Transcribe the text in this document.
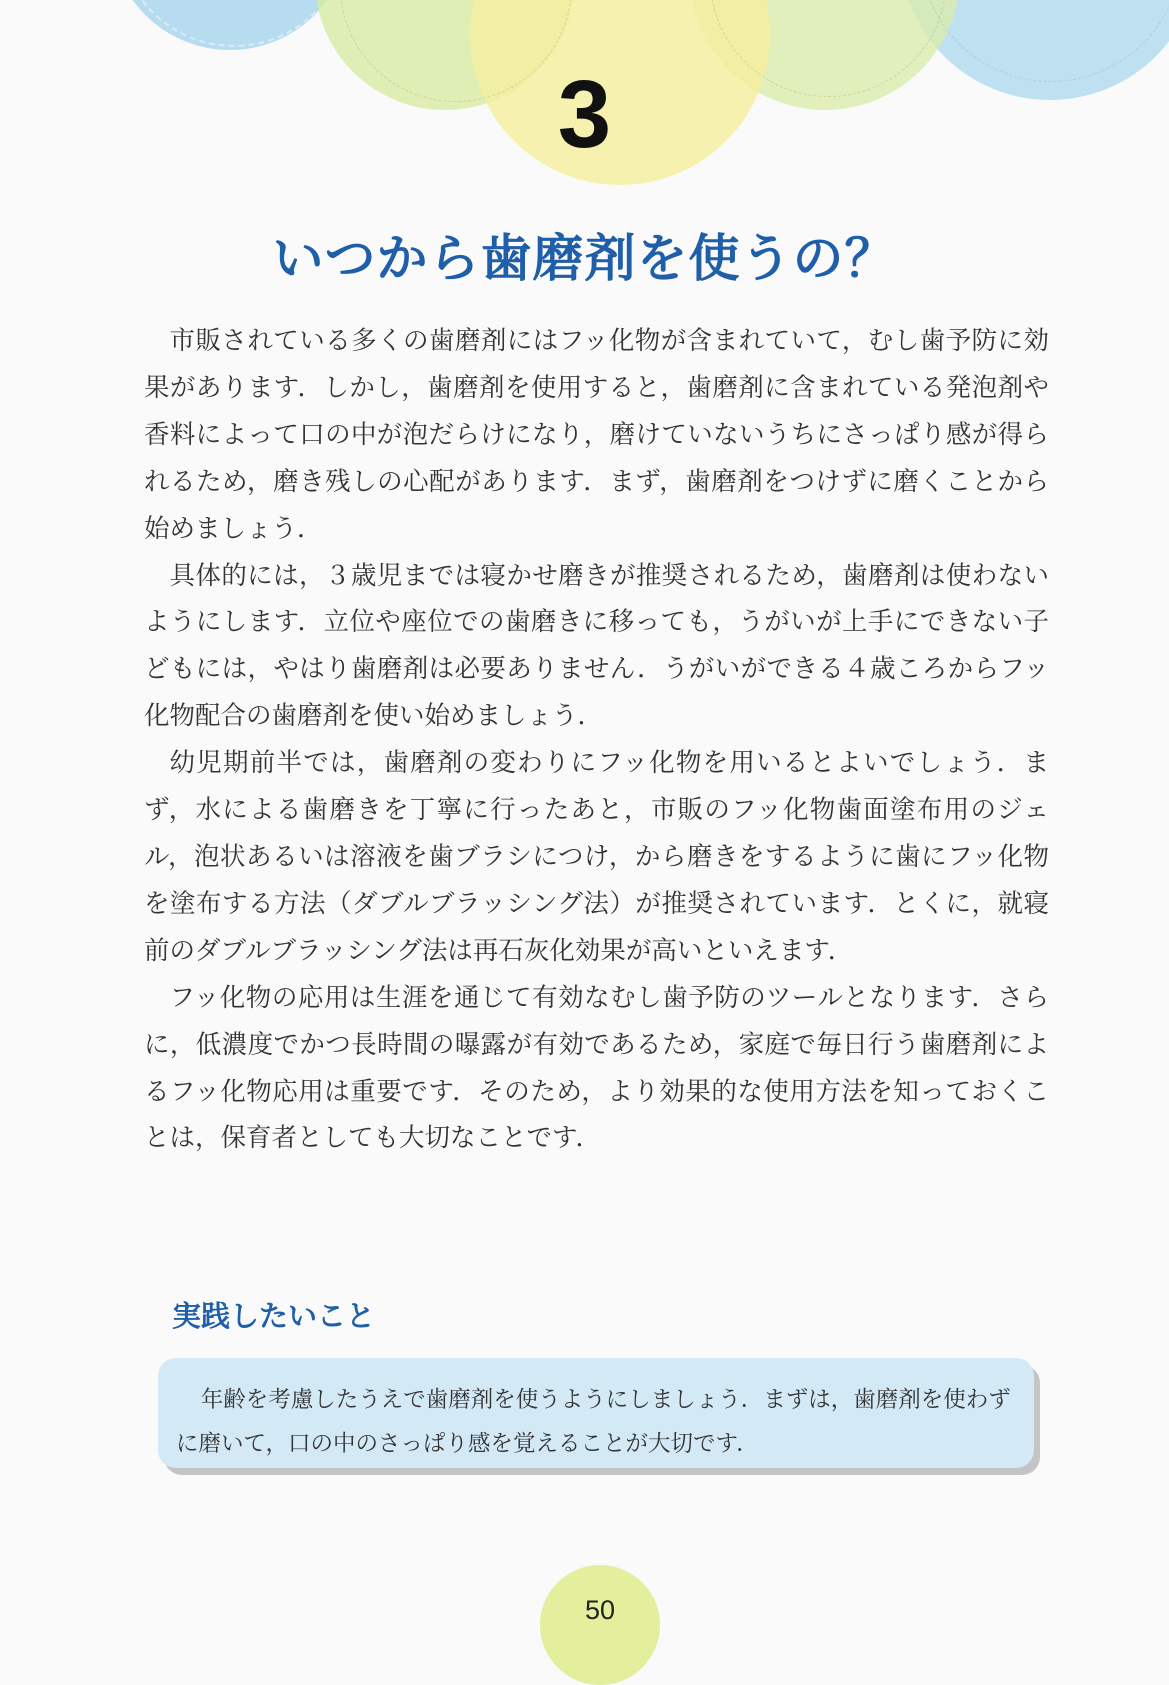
3
いつから歯磨剤を使うの？

市販されている多くの歯磨剤にはフッ化物が含まれていて，むし歯予防に効果があります．しかし，歯磨剤を使用すると，歯磨剤に含まれている発泡剤や香料によって口の中が泡だらけになり，磨けていないうちにさっぱり感が得られるため，磨き残しの心配があります．まず，歯磨剤をつけずに磨くことから始めましょう．

具体的には，３歳児までは寝かせ磨きが推奨されるため，歯磨剤は使わないようにします．立位や座位での歯磨きに移っても，うがいが上手にできない子どもには，やはり歯磨剤は必要ありません．うがいができる４歳ころからフッ化物配合の歯磨剤を使い始めましょう．

幼児期前半では，歯磨剤の変わりにフッ化物を用いるとよいでしょう．まず，水による歯磨きを丁寧に行ったあと，市販のフッ化物歯面塗布用のジェル，泡状あるいは溶液を歯ブラシにつけ，から磨きをするように歯にフッ化物を塗布する方法（ダブルブラッシング法）が推奨されています．とくに，就寝前のダブルブラッシング法は再石灰化効果が高いといえます．

フッ化物の応用は生涯を通じて有効なむし歯予防のツールとなります．さらに，低濃度でかつ長時間の曝露が有効であるため，家庭で毎日行う歯磨剤によるフッ化物応用は重要です．そのため，より効果的な使用方法を知っておくことは，保育者としても大切なことです．

実践したいこと

年齢を考慮したうえで歯磨剤を使うようにしましょう．まずは，歯磨剤を使わずに磨いて，口の中のさっぱり感を覚えることが大切です．

50
